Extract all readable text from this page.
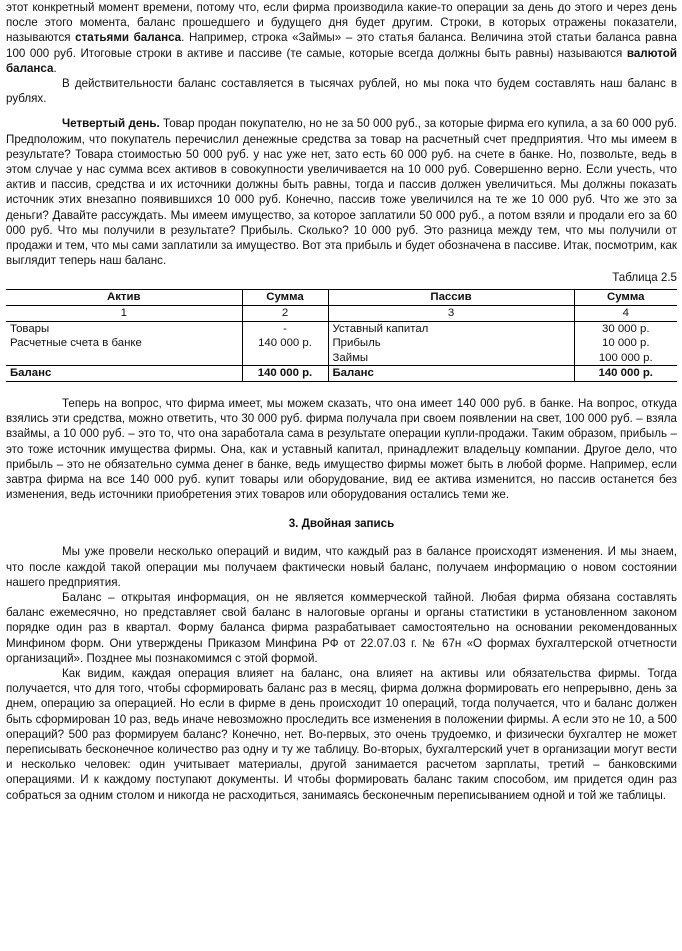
этот конкретный момент времени, потому что, если фирма производила какие-то операции за день до этого и через день после этого момента, баланс прошедшего и будущего дня будет другим. Строки, в которых отражены показатели, называются статьями баланса. Например, строка «Займы» – это статья баланса. Величина этой статьи баланса равна 100 000 руб. Итоговые строки в активе и пассиве (те самые, которые всегда должны быть равны) называются валютой баланса.

В действительности баланс составляется в тысячах рублей, но мы пока что будем составлять наш баланс в рублях.

Четвертый день. Товар продан покупателю, но не за 50 000 руб., за которые фирма его купила, а за 60 000 руб. Предположим, что покупатель перечислил денежные средства за товар на расчетный счет предприятия. Что мы имеем в результате? Товара стоимостью 50 000 руб. у нас уже нет, зато есть 60 000 руб. на счете в банке. Но, позвольте, ведь в этом случае у нас сумма всех активов в совокупности увеличивается на 10 000 руб. Совершенно верно. Если учесть, что актив и пассив, средства и их источники должны быть равны, тогда и пассив должен увеличиться. Мы должны показать источник этих внезапно появившихся 10 000 руб. Конечно, пассив тоже увеличился на те же 10 000 руб. Что же это за деньги? Давайте рассуждать. Мы имеем имущество, за которое заплатили 50 000 руб., а потом взяли и продали его за 60 000 руб. Что мы получили в результате? Прибыль. Сколько? 10 000 руб. Это разница между тем, что мы получили от продажи и тем, что мы сами заплатили за имущество. Вот эта прибыль и будет обозначена в пассиве. Итак, посмотрим, как выглядит теперь наш баланс.

Таблица 2.5
Актив	Сумма	Пассив	Сумма
1	2	3	4
Товары	-	Уставный капитал	30 000 р.
Расчетные счета в банке	140 000 р.	Прибыль	10 000 р.
		Займы	100 000 р.
Баланс	140 000 р.	Баланс	140 000 р.

Теперь на вопрос, что фирма имеет, мы можем сказать, что она имеет 140 000 руб. в банке. На вопрос, откуда взялись эти средства, можно ответить, что 30 000 руб. фирма получала при своем появлении на свет, 100 000 руб. – взяла взаймы, а 10 000 руб. – это то, что она заработала сама в результате операции купли-продажи. Таким образом, прибыль – это тоже источник имущества фирмы. Она, как и уставный капитал, принадлежит владельцу компании. Другое дело, что прибыль – это не обязательно сумма денег в банке, ведь имущество фирмы может быть в любой форме. Например, если завтра фирма на все 140 000 руб. купит товары или оборудование, вид ее актива изменится, но пассив останется без изменения, ведь источники приобретения этих товаров или оборудования остались теми же.

3. Двойная запись

Мы уже провели несколько операций и видим, что каждый раз в балансе происходят изменения. И мы знаем, что после каждой такой операции мы получаем фактически новый баланс, получаем информацию о новом состоянии нашего предприятия.

Баланс – открытая информация, он не является коммерческой тайной. Любая фирма обязана составлять баланс ежемесячно, но представляет свой баланс в налоговые органы и органы статистики в установленном законом порядке один раз в квартал. Форму баланса фирма разрабатывает самостоятельно на основании рекомендованных Минфином форм. Они утверждены Приказом Минфина РФ от 22.07.03 г. № 67н «О формах бухгалтерской отчетности организаций». Позднее мы познакомимся с этой формой.

Как видим, каждая операция влияет на баланс, она влияет на активы или обязательства фирмы. Тогда получается, что для того, чтобы сформировать баланс раз в месяц, фирма должна формировать его непрерывно, день за днем, операцию за операцией. Но если в фирме в день происходит 10 операций, тогда получается, что и баланс должен быть сформирован 10 раз, ведь иначе невозможно проследить все изменения в положении фирмы. А если это не 10, а 500 операций? 500 раз формируем баланс? Конечно, нет. Во-первых, это очень трудоемко, и физически бухгалтер не может переписывать бесконечное количество раз одну и ту же таблицу. Во-вторых, бухгалтерский учет в организации могут вести и несколько человек: один учитывает материалы, другой занимается расчетом зарплаты, третий – банковскими операциями. И к каждому поступают документы. И чтобы формировать баланс таким способом, им придется один раз собраться за одним столом и никогда не расходиться, занимаясь бесконечным переписыванием одной и той же таблицы.
